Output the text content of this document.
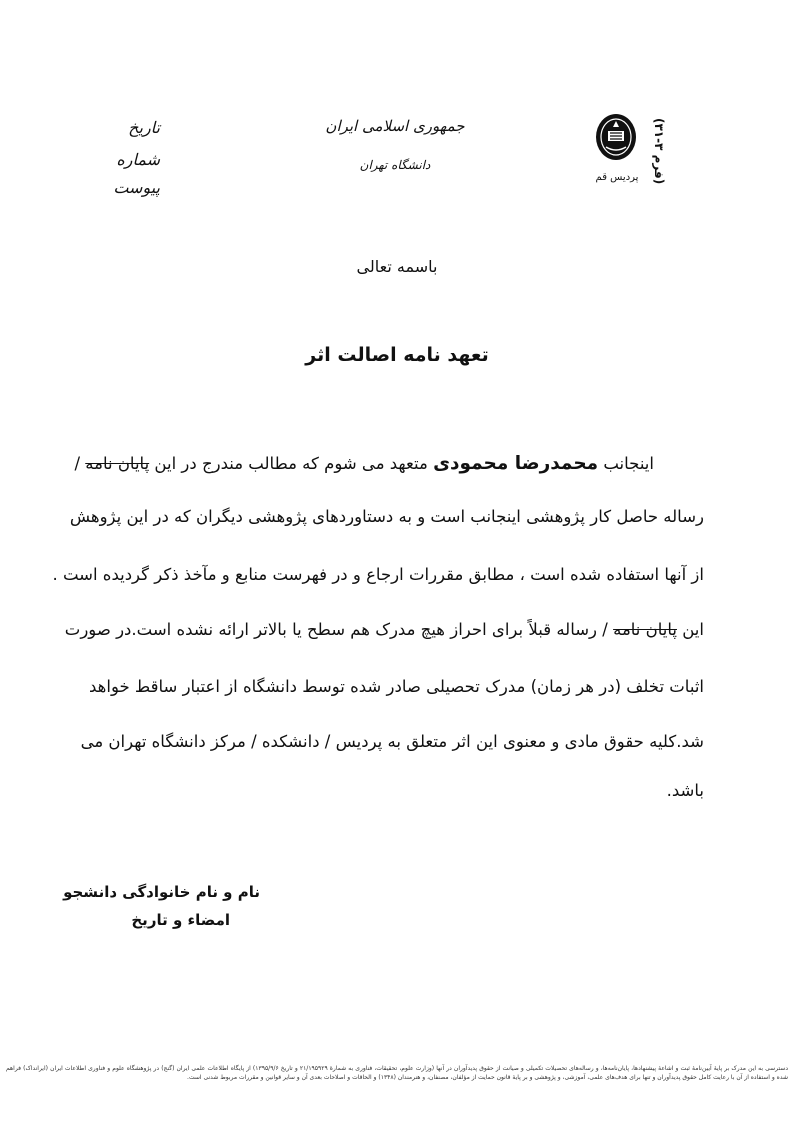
پردیس قم
(فرم ۳-۳۱)
جمهوری اسلامی ایران
دانشگاه تهران
تاریخ
شماره
پیوست
باسمه تعالی
تعهد نامه اصالت اثر
اینجانب محمدرضا محمودی متعهد می شوم که مطالب مندرج در این پایان نامه /
رساله حاصل کار پژوهشی اینجانب است و به دستاوردهای پژوهشی دیگران که در این پژوهش
از آنها استفاده شده است ، مطابق مقررات ارجاع و در فهرست منابع و مآخذ ذکر گردیده است .
این پایان نامه / رساله قبلاً برای احراز هیچ مدرک هم سطح یا بالاتر ارائه نشده است.در صورت
اثبات تخلف (در هر زمان) مدرک تحصیلی صادر شده توسط دانشگاه از اعتبار ساقط خواهد
شد.کلیه حقوق مادی و معنوی این اثر متعلق به پردیس / دانشکده / مرکز دانشگاه تهران می
باشد.
نام و نام خانوادگی دانشجو
امضاء و تاریخ
دسترسی به این مدرک بر پایهٔ آیین‌نامهٔ ثبت و اشاعهٔ پیشنهادها، پایان‌نامه‌ها، و رساله‌های تحصیلات تکمیلی و صیانت از حقوق پدیدآوران در آنها (وزارت علوم، تحقیقات، فناوری به شمارهٔ ۲۱/۱۹۵۹۲۹ و تاریخ ۱۳۹۵/۹/۶) از پایگاه اطلاعات علمی ایران (گنج) در پژوهشگاه علوم و فناوری اطلاعات ایران (ایرانداک) فراهم شده و استفاده از آن با رعایت کامل حقوق پدیدآوران و تنها برای هدف‌های علمی، آموزشی، و پژوهشی و بر پایهٔ قانون حمایت از مؤلفان، مصنفان، و هنرمندان (۱۳۴۸) و الحاقات و اصلاحات بعدی آن و سایر قوانین و مقررات مربوط شدنی است.
